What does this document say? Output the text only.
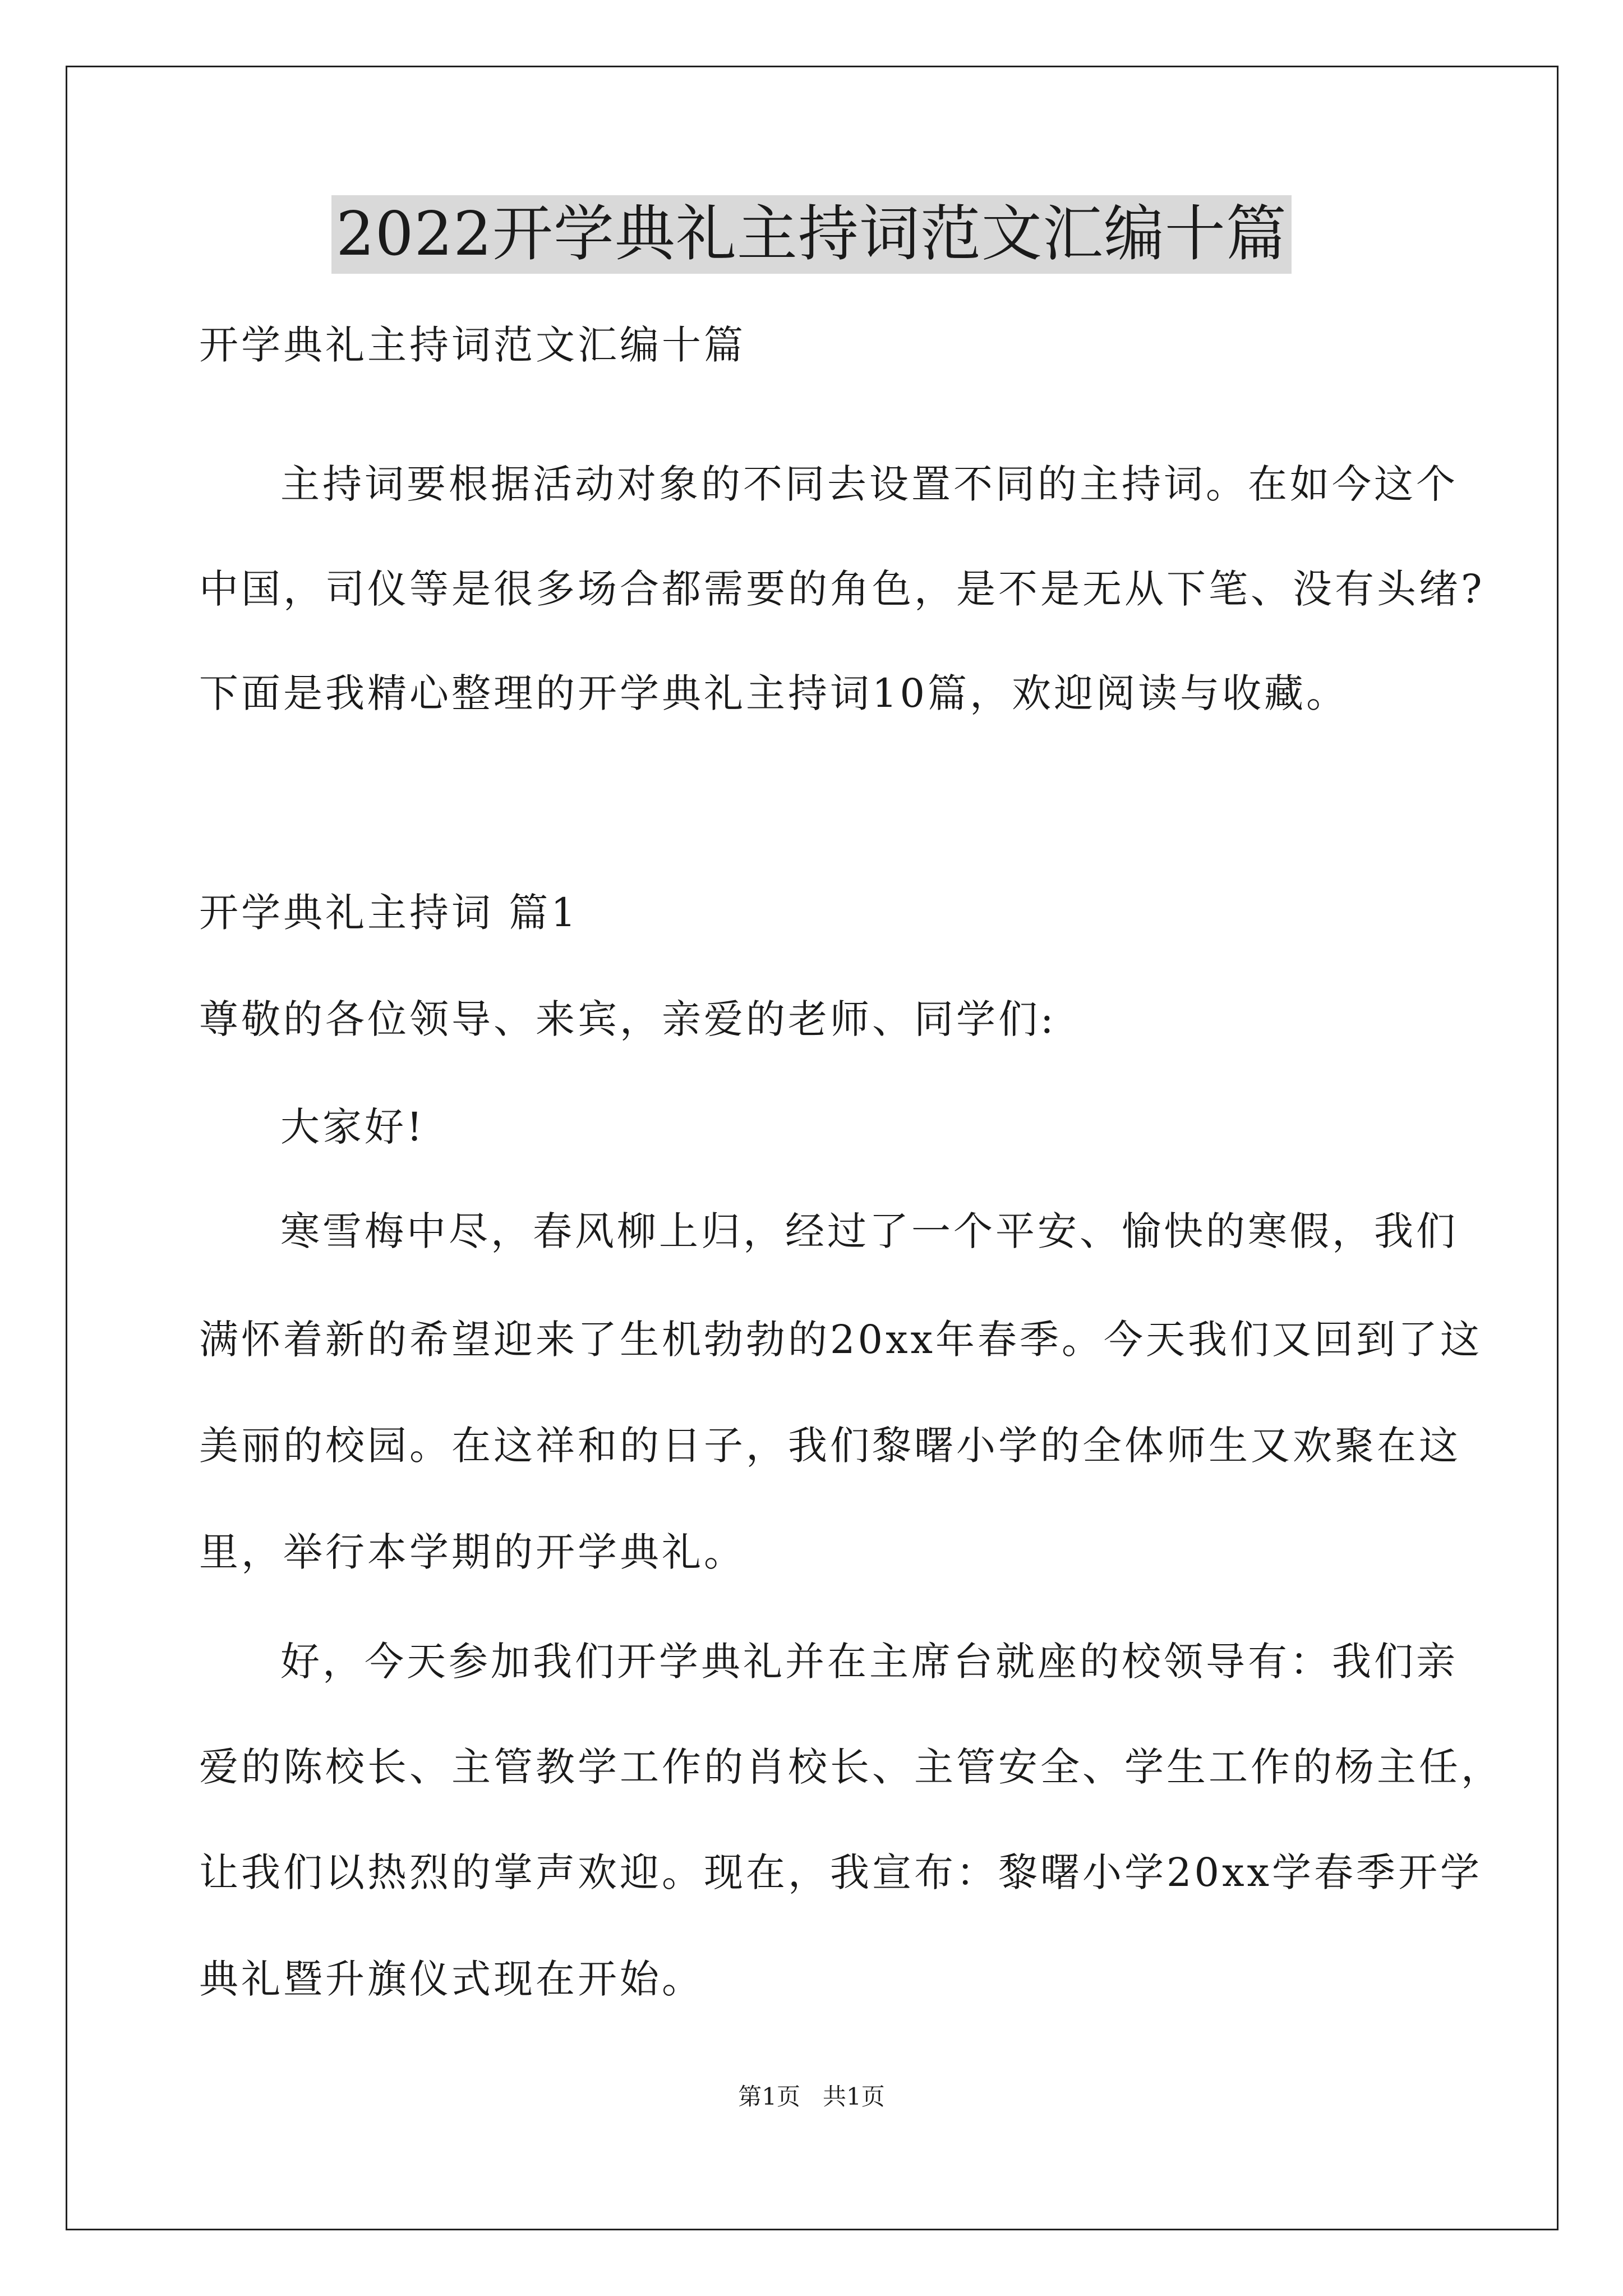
2022开学典礼主持词范文汇编十篇
开学典礼主持词范文汇编十篇
主持词要根据活动对象的不同去设置不同的主持词。在如今这个
中国，司仪等是很多场合都需要的角色，是不是无从下笔、没有头绪?
下面是我精心整理的开学典礼主持词10篇，欢迎阅读与收藏。
开学典礼主持词 篇1
尊敬的各位领导、来宾，亲爱的老师、同学们:
大家好!
寒雪梅中尽，春风柳上归，经过了一个平安、愉快的寒假，我们
满怀着新的希望迎来了生机勃勃的20xx年春季。今天我们又回到了这
美丽的校园。在这祥和的日子，我们黎曙小学的全体师生又欢聚在这
里，举行本学期的开学典礼。
好，今天参加我们开学典礼并在主席台就座的校领导有：我们亲
爱的陈校长、主管教学工作的肖校长、主管安全、学生工作的杨主任，
让我们以热烈的掌声欢迎。现在，我宣布：黎曙小学20xx学春季开学
典礼暨升旗仪式现在开始。
第1页 共1页
